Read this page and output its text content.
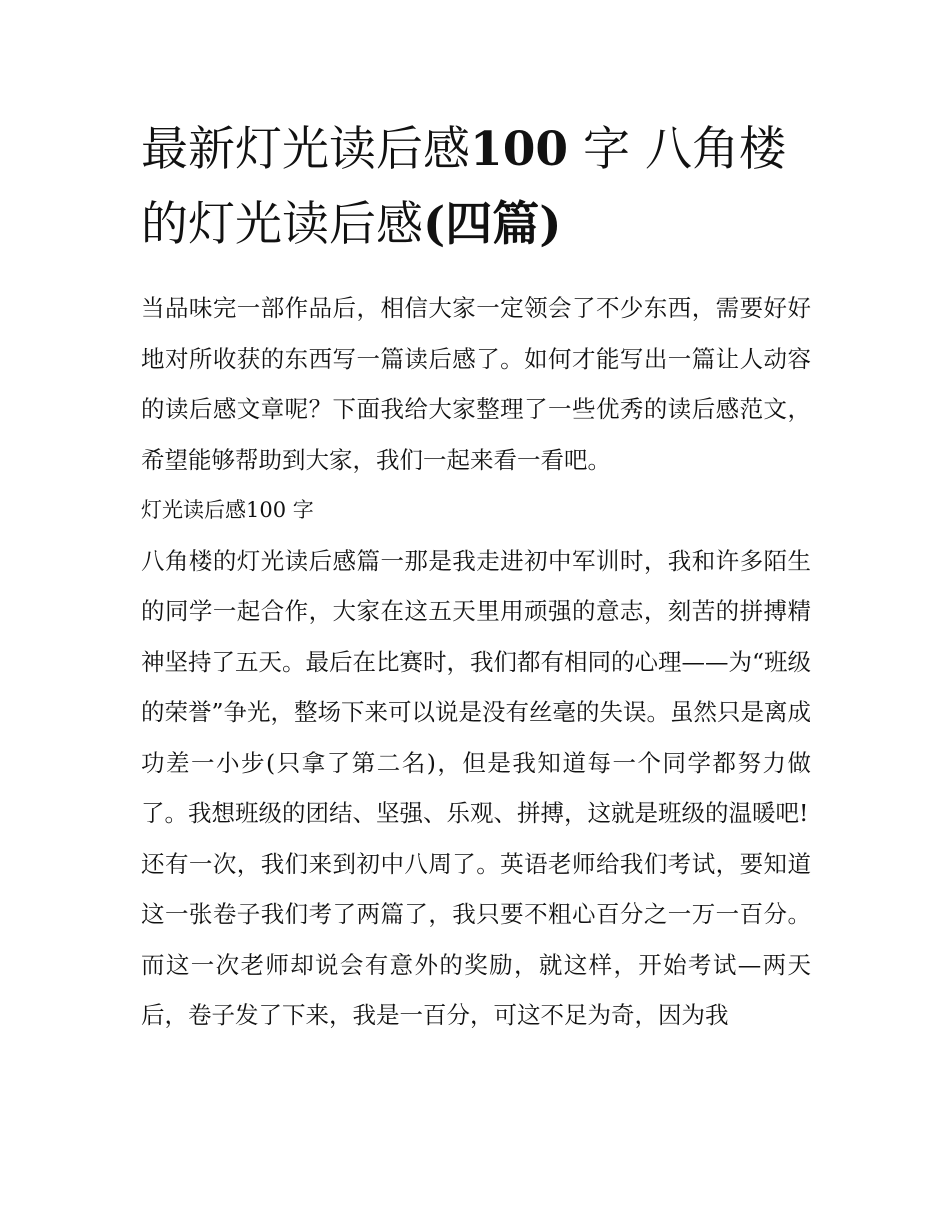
最新灯光读后感100 字 八角楼的灯光读后感(四篇)

当品味完一部作品后，相信大家一定领会了不少东西，需要好好地对所收获的东西写一篇读后感了。如何才能写出一篇让人动容的读后感文章呢？下面我给大家整理了一些优秀的读后感范文，希望能够帮助到大家，我们一起来看一看吧。

灯光读后感100 字

八角楼的灯光读后感篇一那是我走进初中军训时，我和许多陌生的同学一起合作，大家在这五天里用顽强的意志，刻苦的拼搏精神坚持了五天。最后在比赛时，我们都有相同的心理——为“班级的荣誉”争光，整场下来可以说是没有丝毫的失误。虽然只是离成功差一小步(只拿了第二名)，但是我知道每一个同学都努力做了。我想班级的团结、坚强、乐观、拼搏，这就是班级的温暖吧!

还有一次，我们来到初中八周了。英语老师给我们考试，要知道这一张卷子我们考了两篇了，我只要不粗心百分之一万一百分。而这一次老师却说会有意外的奖励，就这样，开始考试—两天后，卷子发了下来，我是一百分，可这不足为奇，因为我
